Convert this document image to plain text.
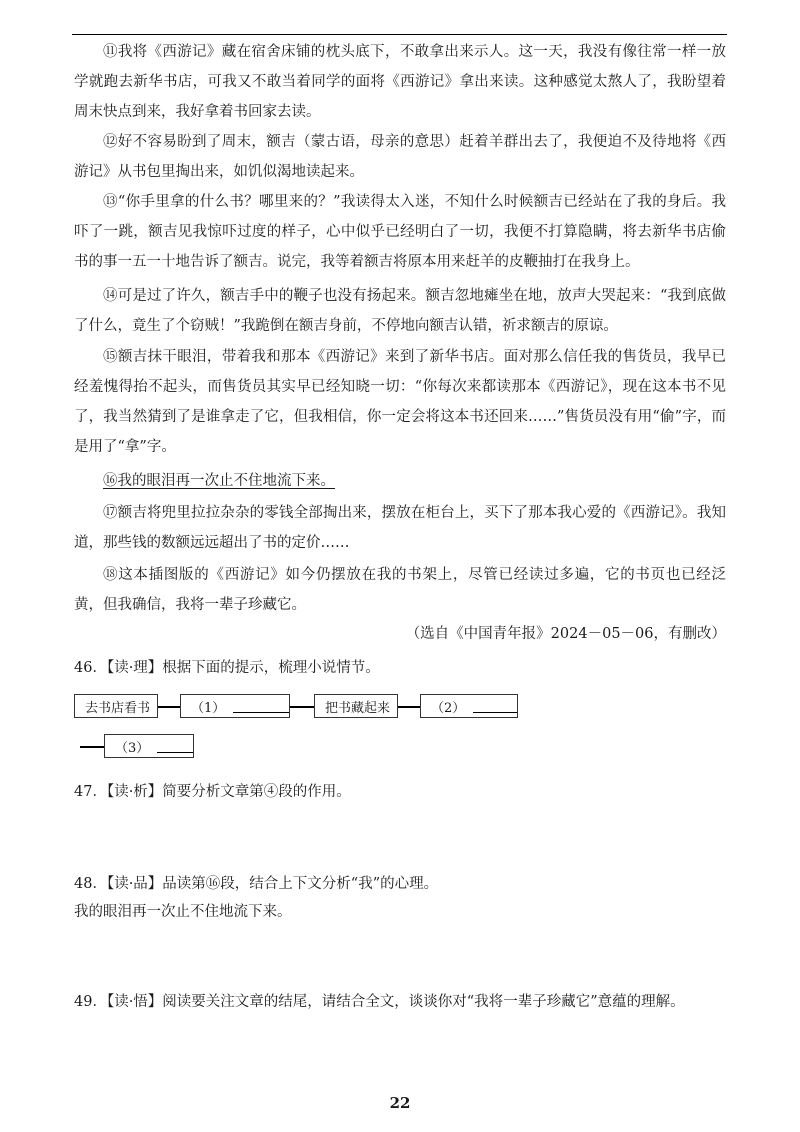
⑪我将《西游记》藏在宿舍床铺的枕头底下，不敢拿出来示人。这一天，我没有像往常一样一放学就跑去新华书店，可我又不敢当着同学的面将《西游记》拿出来读。这种感觉太熬人了，我盼望着周末快点到来，我好拿着书回家去读。

⑫好不容易盼到了周末，额吉（蒙古语，母亲的意思）赶着羊群出去了，我便迫不及待地将《西游记》从书包里掏出来，如饥似渴地读起来。

⑬“你手里拿的什么书？哪里来的？”我读得太入迷，不知什么时候额吉已经站在了我的身后。我吓了一跳，额吉见我惊吓过度的样子，心中似乎已经明白了一切，我便不打算隐瞒，将去新华书店偷书的事一五一十地告诉了额吉。说完，我等着额吉将原本用来赶羊的皮鞭抽打在我身上。

⑭可是过了许久，额吉手中的鞭子也没有扬起来。额吉忽地瘫坐在地，放声大哭起来：“我到底做了什么，竟生了个窃贼！”我跪倒在额吉身前，不停地向额吉认错，祈求额吉的原谅。

⑮额吉抹干眼泪，带着我和那本《西游记》来到了新华书店。面对那么信任我的售货员，我早已经羞愧得抬不起头，而售货员其实早已经知晓一切：“你每次来都读那本《西游记》，现在这本书不见了，我当然猜到了是谁拿走了它，但我相信，你一定会将这本书还回来……”售货员没有用“偷”字，而是用了“拿”字。

⑯我的眼泪再一次止不住地流下来。

⑰额吉将兜里拉拉杂杂的零钱全部掏出来，摆放在柜台上，买下了那本我心爱的《西游记》。我知道，那些钱的数额远远超出了书的定价……

⑱这本插图版的《西游记》如今仍摆放在我的书架上，尽管已经读过多遍，它的书页也已经泛黄，但我确信，我将一辈子珍藏它。

（选自《中国青年报》2024－05－06，有删改）

46．【读·理】根据下面的提示，梳理小说情节。

去书店看书	（1）	把书藏起来	（2）
（3）

47．【读·析】简要分析文章第④段的作用。

48．【读·品】品读第⑯段，结合上下文分析“我”的心理。

我的眼泪再一次止不住地流下来。

49．【读·悟】阅读要关注文章的结尾，请结合全文，谈谈你对“我将一辈子珍藏它”意蕴的理解。

22
